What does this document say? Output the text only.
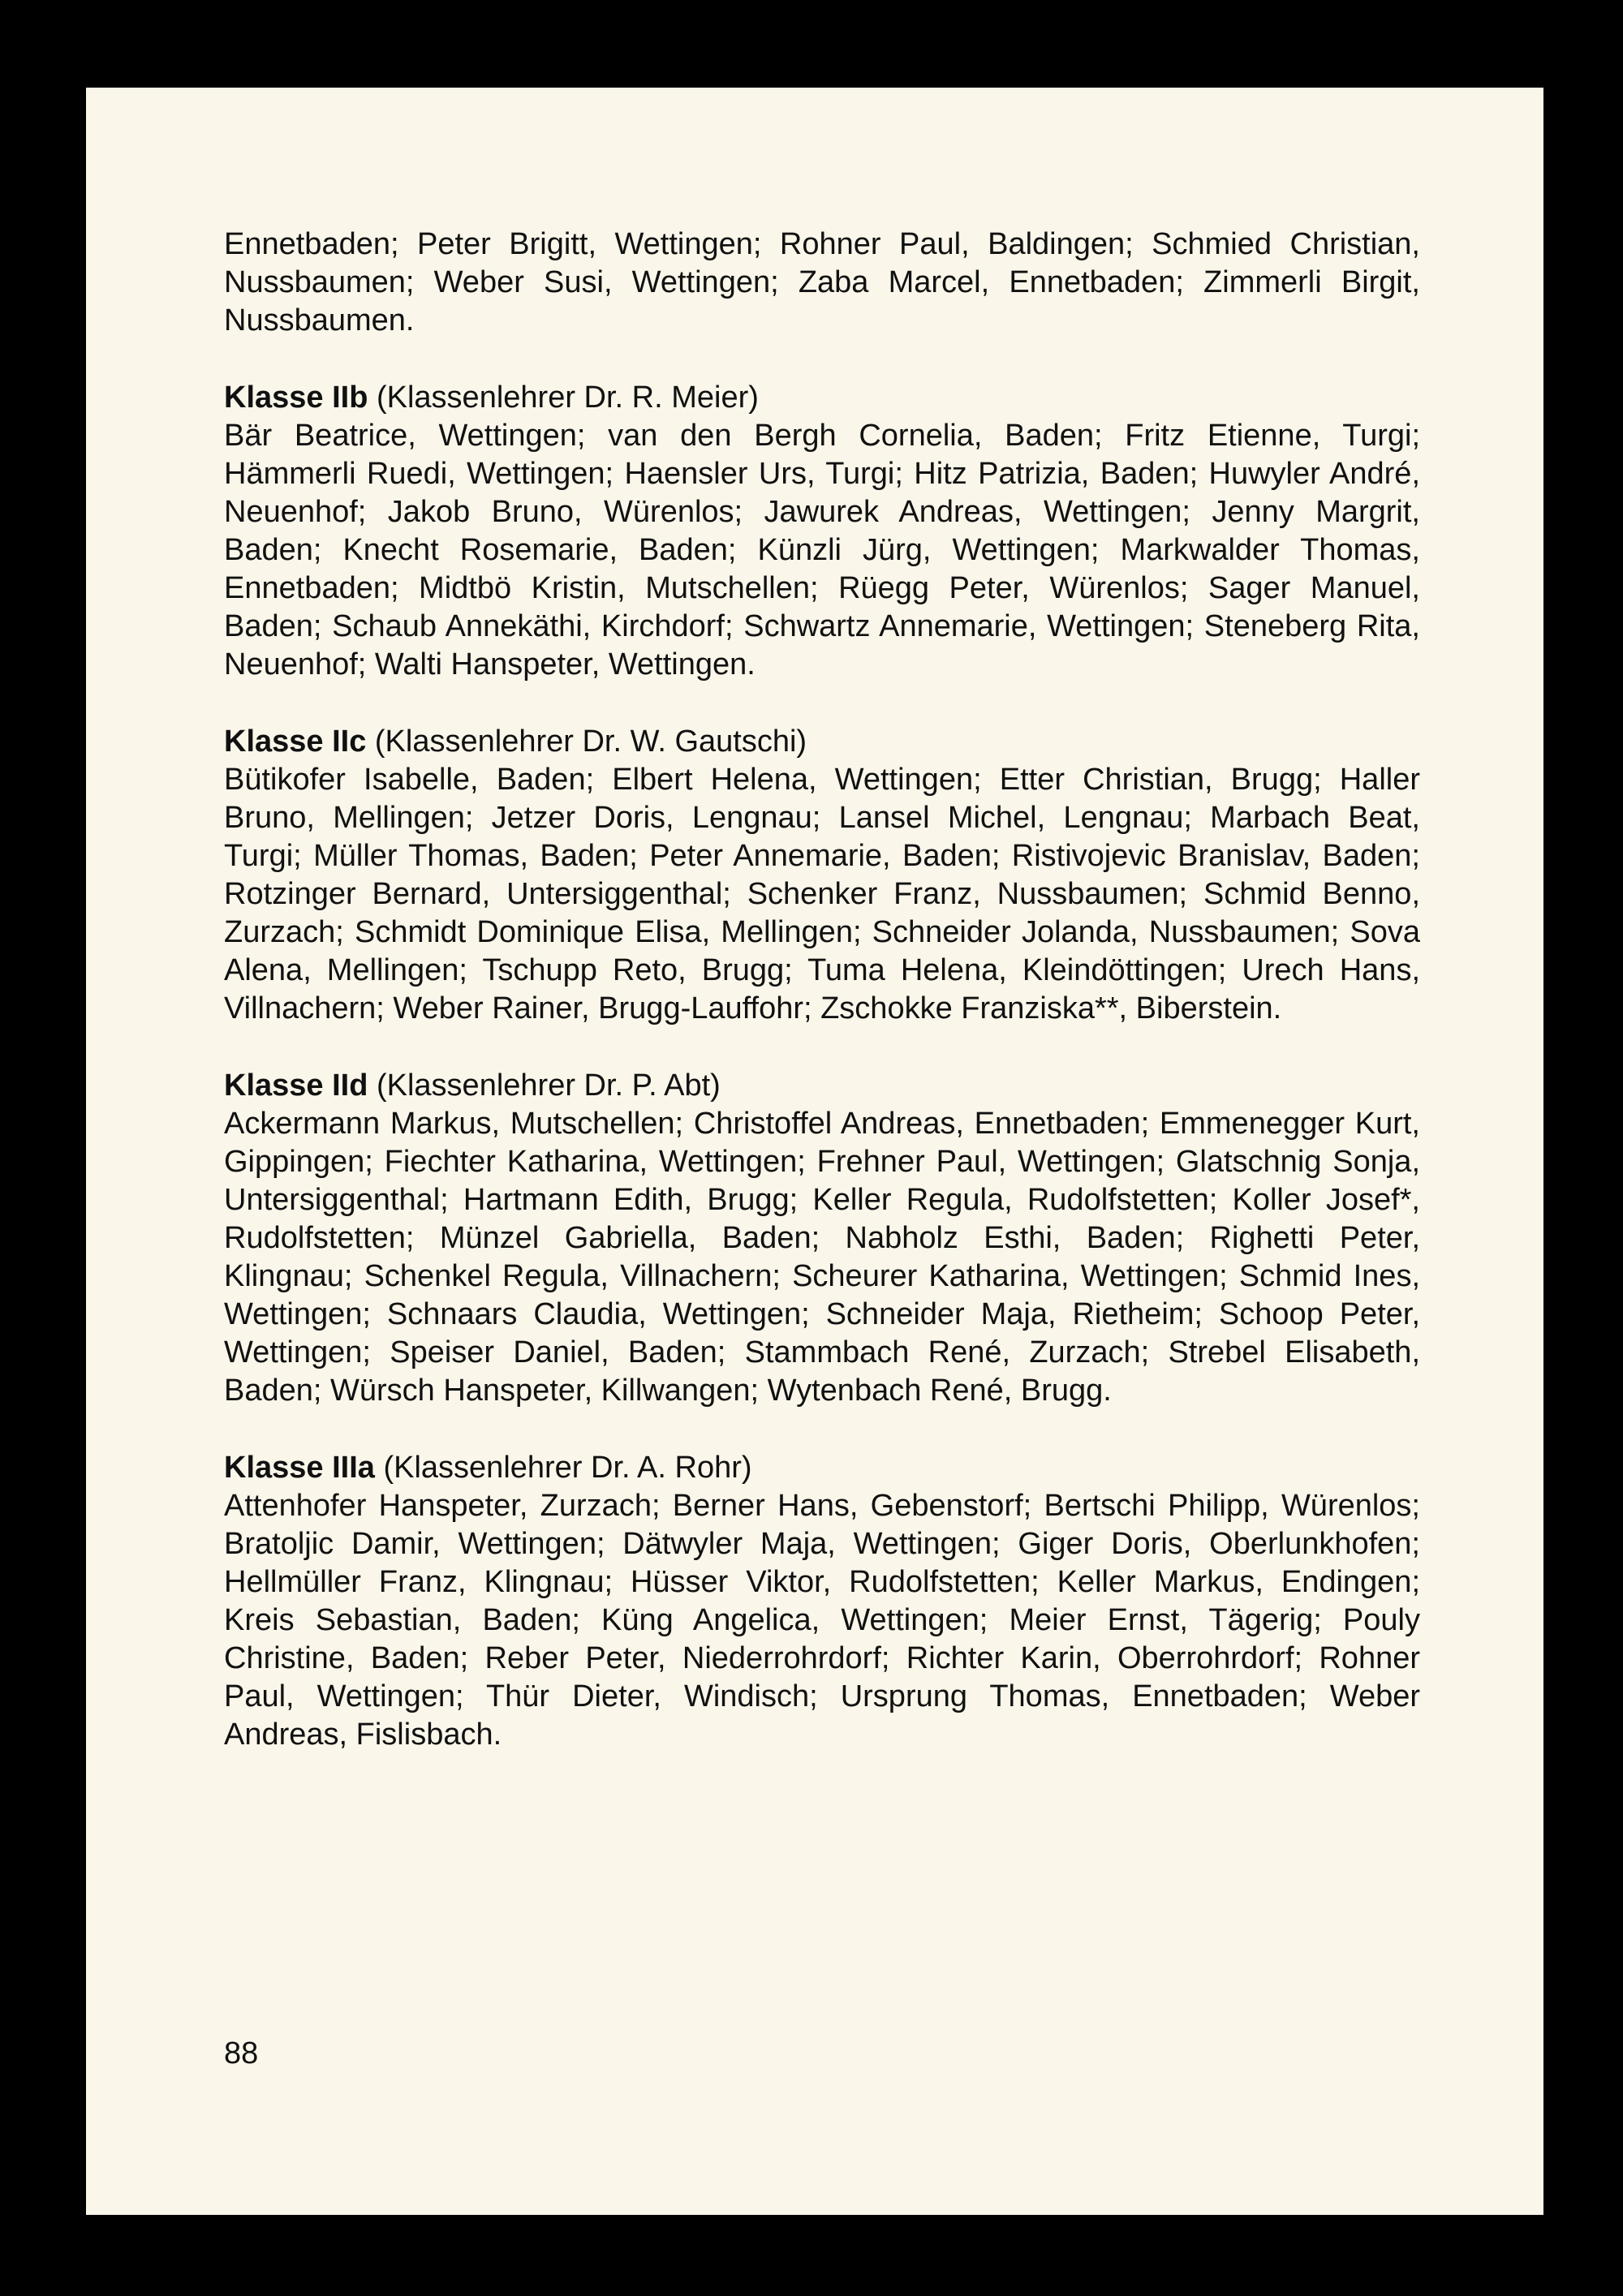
Ennetbaden; Peter Brigitt, Wettingen; Rohner Paul, Baldingen; Schmied Christian, Nussbaumen; Weber Susi, Wettingen; Zaba Marcel, Ennetbaden; Zimmerli Birgit, Nussbaumen.

Klasse IIb (Klassenlehrer Dr. R. Meier)

Bär Beatrice, Wettingen; van den Bergh Cornelia, Baden; Fritz Etienne, Turgi; Hämmerli Ruedi, Wettingen; Haensler Urs, Turgi; Hitz Patrizia, Baden; Huwyler André, Neuenhof; Jakob Bruno, Würenlos; Jawurek Andreas, Wettingen; Jenny Margrit, Baden; Knecht Rosemarie, Baden; Künzli Jürg, Wettingen; Markwalder Thomas, Ennetbaden; Midtbö Kristin, Mutschellen; Rüegg Peter, Würenlos; Sager Manuel, Baden; Schaub Annekäthi, Kirchdorf; Schwartz Annemarie, Wettingen; Steneberg Rita, Neuenhof; Walti Hanspeter, Wettingen.

Klasse IIc (Klassenlehrer Dr. W. Gautschi)

Bütikofer Isabelle, Baden; Elbert Helena, Wettingen; Etter Christian, Brugg; Haller Bruno, Mellingen; Jetzer Doris, Lengnau; Lansel Michel, Lengnau; Marbach Beat, Turgi; Müller Thomas, Baden; Peter Annemarie, Baden; Ristivojevic Branislav, Baden; Rotzinger Bernard, Untersiggenthal; Schenker Franz, Nussbaumen; Schmid Benno, Zurzach; Schmidt Dominique Elisa, Mellingen; Schneider Jolanda, Nussbaumen; Sova Alena, Mellingen; Tschupp Reto, Brugg; Tuma Helena, Kleindöttingen; Urech Hans, Villnachern; Weber Rainer, Brugg-Lauffohr; Zschokke Franziska**, Biberstein.

Klasse IId (Klassenlehrer Dr. P. Abt)

Ackermann Markus, Mutschellen; Christoffel Andreas, Ennetbaden; Emmenegger Kurt, Gippingen; Fiechter Katharina, Wettingen; Frehner Paul, Wettingen; Glatschnig Sonja, Untersiggenthal; Hartmann Edith, Brugg; Keller Regula, Rudolfstetten; Koller Josef*, Rudolfstetten; Münzel Gabriella, Baden; Nabholz Esthi, Baden; Righetti Peter, Klingnau; Schenkel Regula, Villnachern; Scheurer Katharina, Wettingen; Schmid Ines, Wettingen; Schnaars Claudia, Wettingen; Schneider Maja, Rietheim; Schoop Peter, Wettingen; Speiser Daniel, Baden; Stammbach René, Zurzach; Strebel Elisabeth, Baden; Würsch Hanspeter, Killwangen; Wytenbach René, Brugg.

Klasse IIIa (Klassenlehrer Dr. A. Rohr)

Attenhofer Hanspeter, Zurzach; Berner Hans, Gebenstorf; Bertschi Philipp, Würenlos; Bratoljic Damir, Wettingen; Dätwyler Maja, Wettingen; Giger Doris, Oberlunkhofen; Hellmüller Franz, Klingnau; Hüsser Viktor, Rudolfstetten; Keller Markus, Endingen; Kreis Sebastian, Baden; Küng Angelica, Wettingen; Meier Ernst, Tägerig; Pouly Christine, Baden; Reber Peter, Niederrohrdorf; Richter Karin, Oberrohrdorf; Rohner Paul, Wettingen; Thür Dieter, Windisch; Ursprung Thomas, Ennetbaden; Weber Andreas, Fislisbach.

88
